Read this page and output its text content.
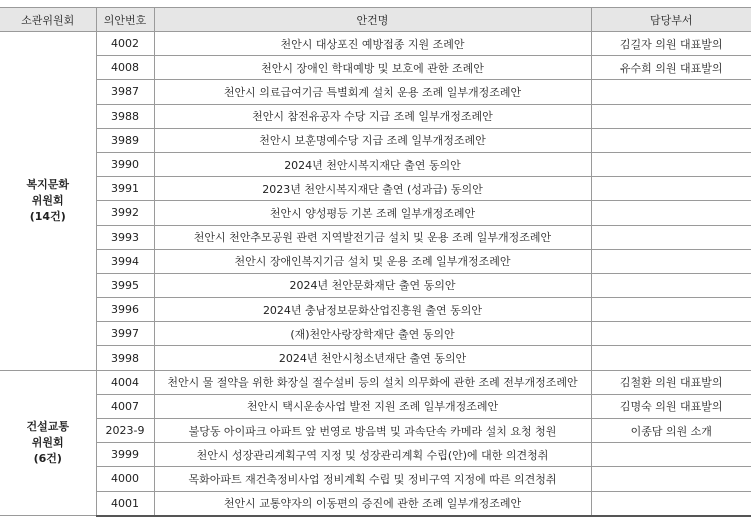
소관위원회	의안번호	안건명	담당부서

복지문화
위원회
(14건)	4002	천안시 대상포진 예방접종 지원 조례안	김길자 의원 대표발의
	4008	천안시 장애인 학대예방 및 보호에 관한 조례안	유수희 의원 대표발의
	3987	천안시 의료급여기금 특별회계 설치 운용 조례 일부개정조례안	
	3988	천안시 참전유공자 수당 지급 조례 일부개정조례안	
	3989	천안시 보훈명예수당 지급 조례 일부개정조례안	
	3990	2024년 천안시복지재단 출연 동의안	
	3991	2023년 천안시복지재단 출연 (성과급) 동의안	
	3992	천안시 양성평등 기본 조례 일부개정조례안	
	3993	천안시 천안추모공원 관련 지역발전기금 설치 및 운용 조례 일부개정조례안	
	3994	천안시 장애인복지기금 설치 및 운용 조례 일부개정조례안	
	3995	2024년 천안문화재단 출연 동의안	
	3996	2024년 충남정보문화산업진흥원 출연 동의안	
	3997	(재)천안사랑장학재단 출연 동의안	
	3998	2024년 천안시청소년재단 출연 동의안	

건설교통
위원회
(6건)	4004	천안시 물 절약을 위한 화장실 절수설비 등의 설치 의무화에 관한 조례 전부개정조례안	김철환 의원 대표발의
	4007	천안시 택시운송사업 발전 지원 조례 일부개정조례안	김명숙 의원 대표발의
	2023-9	불당동 아이파크 아파트 앞 번영로 방음벽 및 과속단속 카메라 설치 요청 청원	이종담 의원 소개
	3999	천안시 성장관리계획구역 지정 및 성장관리계획 수립(안)에 대한 의견청취	
	4000	목화아파트 재건축정비사업 정비계획 수립 및 정비구역 지정에 따른 의견청취	
	4001	천안시 교통약자의 이동편의 증진에 관한 조례 일부개정조례안	
